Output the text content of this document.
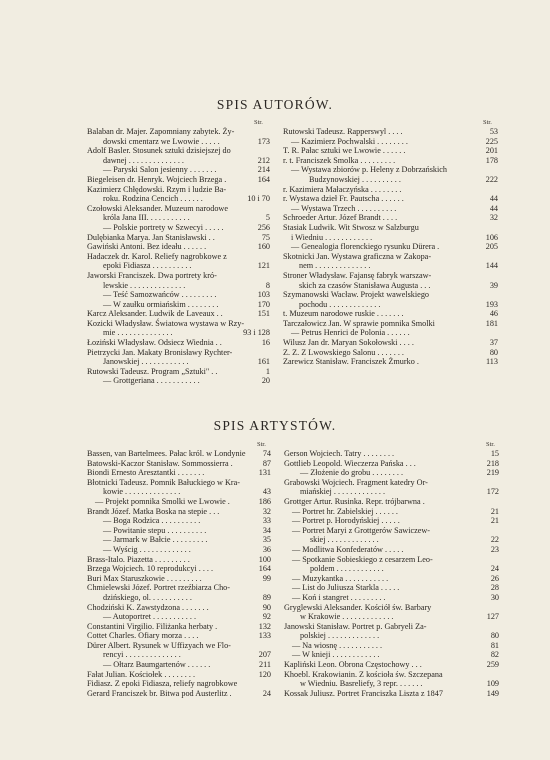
SPIS AUTORÓW.
Str.	Str.
Balaban dr. Majer. Zapomniany zabytek. Ży-
dowski cmentarz we Lwowie . . . . .	173
Adolf Basler. Stosunek sztuki dzisiejszej do
dawnej . . . . . . . . . . . . . .	212
— Paryski Salon jesienny . . . . . . .	214
Biegeleisen dr. Henryk. Wojciech Brzega .	164
Kazimierz Chłędowski. Rzym i ludzie Ba-
roku. Rodzina Cencich . . . . . .	10 i 70
Czołowski Aleksander. Muzeum narodowe
króla Jana III. . . . . . . . . . .	5
— Polskie portrety w Szwecyi . . . . .	256
Dulębianka Marya. Jan Stanisławski . .	75
Gawiński Antoni. Bez ideału . . . . . .	160
Hadaczek dr. Karol. Reliefy nagrobkowe z
epoki Fidiasza . . . . . . . . . .	121
Jaworski Franciszek. Dwa portrety kró-
lewskie . . . . . . . . . . . . . .	8
— Teść Samozwańców . . . . . . . . .	103
— W zaułku ormiańskim . . . . . . . .	170
Karcz Aleksander. Ludwik de Laveaux . .	151
Kozicki Władysław. Światowa wystawa w Rzy-
mie . . . . . . . . . . . . . .	93 i 128
Łoziński Władysław. Odsiecz Wiednia . .	16
Pietrzycki Jan. Makaty Bronisławy Rychter-
Janowskiej . . . . . . . . . . . .	161
Rutowski Tadeusz. Program „Sztuki" . .	1
— Grottgeriana . . . . . . . . . . .	20
Rutowski Tadeusz. Rapperswyl . . . .	53
— Kazimierz Pochwalski . . . . . . . .	225
T. R. Pałac sztuki we Lwowie . . . . . .	201
r. t. Franciszek Smolka . . . . . . . . .	178
— Wystawa zbiorów p. Heleny z Dobrzańskich
Budzynowskiej . . . . . . . . . .	222
r. Kazimiera Małaczyńska . . . . . . . .
r. Wystawa dzieł Fr. Pautscha . . . . . .	44
— Wystawa Trzech . . . . . . . . . .	44
Schroeder Artur. Józef Brandt . . . .	32
Stasiak Ludwik. Wit Stwosz w Salzburgu
i Wiedniu . . . . . . . . . . . .	106
— Genealogia florenckiego rysunku Dürera .	205
Skotnicki Jan. Wystawa graficzna w Zakopa-
nem . . . . . . . . . . . . . .	144
Stroner Władysław. Fajansę fabryk warszaw-
skich za czasów Stanisława Augusta . . .	39
Szymanowski Wacław. Projekt wawelskiego
pochodu . . . . . . . . . . . . .	193
t. Muzeum narodowe ruskie . . . . . . .	46
Tarczałowicz Jan. W sprawie pomnika Smolki	181
— Petrus Henrici de Polonia . . . . . .
Wilusz Jan dr. Maryan Sokołowski . . . .	37
Z. Z. Z Lwowskiego Salonu . . . . . . .	80
Zarewicz Stanisław. Franciszek Żmurko .	113
SPIS ARTYSTÓW.
Str.	Str.
Bassen, van Bartelmees. Pałac król. w Londynie 74
Batowski-Kaczor Stanisław. Sommossierra .	87
Biondi Ernesto Aresztantki . . . . . . .	131
Błotnicki Tadeusz. Pomnik Bałuckiego w Kra-
kowie . . . . . . . . . . . . . .	43
— Projekt pomnika Smolki we Lwowie .	186
Brandt Józef. Matka Boska na stepie . . .	32
— Boga Rodzica . . . . . . . . . .	33
— Powitanie stepu . . . . . . . . . .	34
— Jarmark w Bałcie . . . . . . . . .	35
— Wyścig . . . . . . . . . . . . .	36
Brass-Italo. Piazetta . . . . . . . . .	100
Brzega Wojciech. 10 reprodukcyi . . . .	164
Buri Max Staruszkowie . . . . . . . . .	99
Chmielewski Józef. Portret rzeźbiarza Cho-
dzińskiego, ol. . . . . . . . . . .	89
Chodziński K. Zawstydzona . . . . . . .	90
— Autoportret . . . . . . . . . . .	92
Constantini Virgilio. Filiżanka herbaty .	132
Cottet Charles. Ofiary morza . . . .	133
Dürer Albert. Rysunek w Uffizyach we Flo-
rencyi . . . . . . . . . . . . . .	207
— Ołtarz Baumgartenów . . . . . .	211
Fałat Julian. Kościołek . . . . . . . .	120
Fidiasz. Z epoki Fidiasza, reliefy nagrobkowe
Gerard Franciszek br. Bitwa pod Austerlitz .	24
Gerson Wojciech. Tatry . . . . . . . .	15
Gottlieb Leopold. Wieczerza Pańska . . .	218
— Złożenie do grobu . . . . . . . .	219
Grabowski Wojciech. Fragment katedry Or-
miańskiej . . . . . . . . . . . . .	172
Grottger Artur. Rusinka. Repr. trójbarwna .
— Portret hr. Zabielskiej . . . . . .	21
— Portret p. Horodyńskiej . . . . .	21
— Portret Maryi z Grottgerów Sawiczew-
skiej . . . . . . . . . . . . .	22
— Modlitwa Konfederatów . . . . .	23
— Spotkanie Sobieskiego z cesarzem Leo-
poldem . . . . . . . . . . . .	24
— Muzykantka . . . . . . . . . . .	26
— List do Juliusza Starkla . . . . .	28
— Koń i stangret . . . . . . . . .	30
Gryglewski Aleksander. Kościół św. Barbary
w Krakowie . . . . . . . . . . . . .	127
Janowski Stanisław. Portret p. Gabryeli Za-
polskiej . . . . . . . . . . . . .	80
— Na wiosnę . . . . . . . . . . .	81
— W knieji . . . . . . . . . . . .	82
Kapliński Leon. Obrona Częstochowy . . .	259
Khoebl. Krakowianin. Z kościoła św. Szczepana
w Wiedniu. Basreliefy, 3 repr. . . . . . .	109
Kossak Juliusz. Portret Franciszka Liszta z 1847	149
